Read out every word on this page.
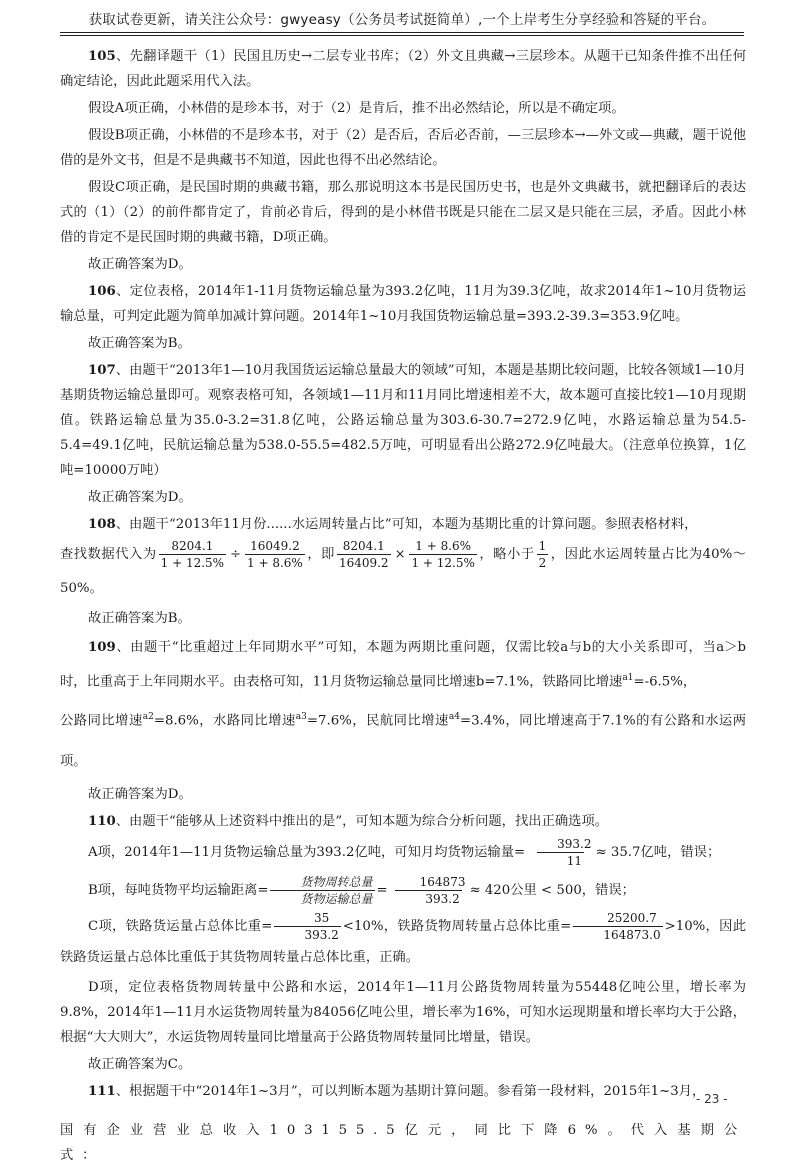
获取试卷更新，请关注公众号：gwyeasy（公务员考试挺简单）,一个上岸考生分享经验和答疑的平台。

105、先翻译题干（1）民国且历史→二层专业书库；（2）外文且典藏→三层珍本。从题干已知条件推不出任何确定结论，因此此题采用代入法。

假设A项正确，小林借的是珍本书，对于（2）是肯后，推不出必然结论，所以是不确定项。

假设B项正确，小林借的不是珍本书，对于（2）是否后，否后必否前，—三层珍本→—外文或—典藏，题干说他借的是外文书，但是不是典藏书不知道，因此也得不出必然结论。

假设C项正确，是民国时期的典藏书籍，那么那说明这本书是民国历史书，也是外文典藏书，就把翻译后的表达式的（1）（2）的前件都肯定了，肯前必肯后，得到的是小林借书既是只能在二层又是只能在三层，矛盾。因此小林借的肯定不是民国时期的典藏书籍，D项正确。

故正确答案为D。

106、定位表格，2014年1-11月货物运输总量为393.2亿吨，11月为39.3亿吨，故求2014年1~10月货物运输总量，可判定此题为简单加减计算问题。2014年1~10月我国货物运输总量=393.2-39.3=353.9亿吨。

故正确答案为B。

107、由题干“2013年1—10月我国货运运输总量最大的领域”可知，本题是基期比较问题，比较各领域1—10月基期货物运输总量即可。观察表格可知，各领域1—11月和11月同比增速相差不大，故本题可直接比较1—10月现期值。铁路运输总量为35.0-3.2=31.8亿吨，公路运输总量为303.6-30.7=272.9亿吨，水路运输总量为54.5-5.4=49.1亿吨，民航运输总量为538.0-55.5=482.5万吨，可明显看出公路272.9亿吨最大。（注意单位换算，1亿吨=10000万吨）

故正确答案为D。

108、由题干“2013年11月份......水运周转量占比”可知，本题为基期比重的计算问题。参照表格材料，

查找数据代入为 $\frac{8204.1}{1 + 12.5\%} \div \frac{16049.2}{1 + 8.6\%}$ ，即 $\frac{8204.1}{16409.2} \times \frac{1 + 8.6\%}{1 + 12.5\%}$ ，略小于 $\frac{1}{2}$ ，因此水运周转量占比为40%～50%。

故正确答案为B。

109、由题干“比重超过上年同期水平”可知，本题为两期比重问题，仅需比较a与b的大小关系即可，当a＞b时，比重高于上年同期水平。由表格可知，11月货物运输总量同比增速b=7.1%，铁路同比增速$^{a1}$=-6.5%，

公路同比增速$^{a2}$=8.6%，水路同比增速$^{a3}$=7.6%，民航同比增速$^{a4}$=3.4%，同比增速高于7.1%的有公路和水运两项。

故正确答案为D。

110、由题干“能够从上述资料中推出的是”，可知本题为综合分析问题，找出正确选项。

A项，2014年1—11月货物运输总量为393.2亿吨，可知月均货物运输量= $\frac{393.2}{11} \approx 35.7$亿吨，错误；

B项，每吨货物平均运输距离= $\frac{\text{货物周转总量}}{\text{货物运输总量}} = \frac{164873}{393.2} \approx 420$公里 < 500，错误；

C项，铁路货运量占总体比重= $\frac{35}{393.2} <10\%$，铁路货物周转量占总体比重= $\frac{25200.7}{164873.0} >10\%$，因此铁路货运量占总体比重低于其货物周转量占总体比重，正确。

D项，定位表格货物周转量中公路和水运，2014年1—11月公路货物周转量为55448亿吨公里，增长率为9.8%，2014年1—11月水运货物周转量为84056亿吨公里，增长率为16%，可知水运现期量和增长率均大于公路，根据“大大则大”，水运货物周转量同比增量高于公路货物周转量同比增量，错误。

故正确答案为C。

111、根据题干中“2014年1~3月”，可以判断本题为基期计算问题。参看第一段材料，2015年1~3月，

国有企业营业总收入103155.5亿元，同比下降6%。代入基期公式：

- 23 -
